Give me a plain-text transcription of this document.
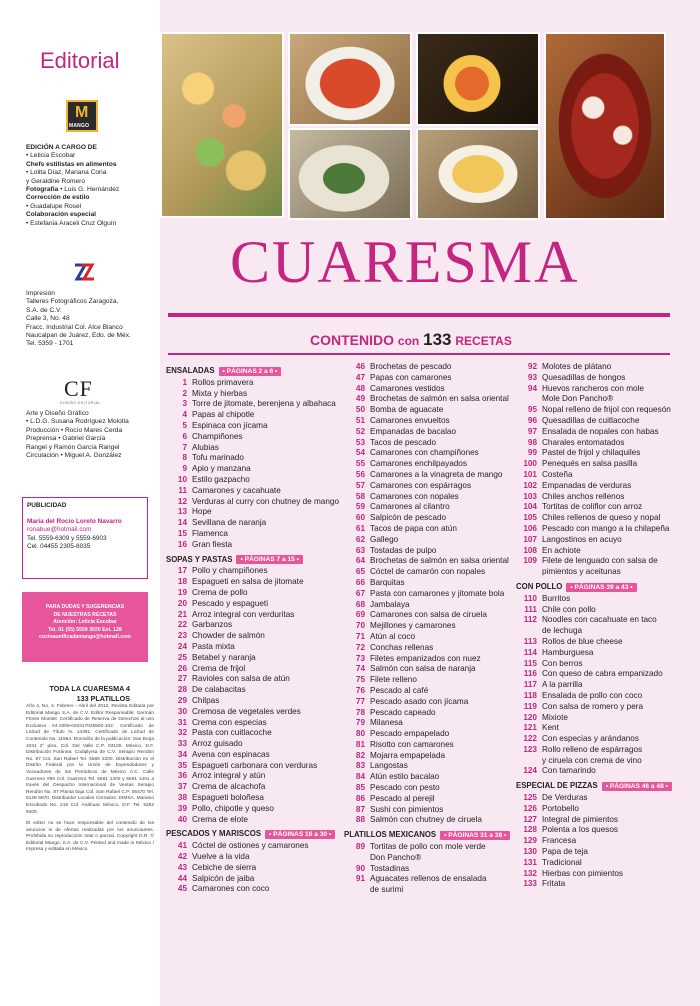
Editorial
M
MANGO
EDICIÓN A CARGO DE
• Leticia Escobar
Chefs estilistas en alimentos
• Lolita Díaz, Mariana Coria
y Geraldine Romero
Fotografía • Luis G. Hernández
Corrección de estilo
• Guadalupe Rosel
Colaboración especial
• Estefania Araceli Cruz Olguín
Impresión
Talleres Fotográficos Zaragoza,
S.A. de C.V.
Calle 3, No. 48
Fracc. Industrial Col. Alce Blanco
Naucalpan de Juárez, Edo. de Méx.
Tel. 5359 - 1701
CF
DISEÑO EDITORIAL
Arte y Diseño Gráfico
• L.D.G. Susana Rodríguez Molotla
Producción • Rocío Mares Cerda
Preprensa • Gabriel García
Rangel y Ramón García Rangel
Circulación • Miguel A. González
PUBLICIDAD
María del Rocío Loreto Navarro
ronabue@hotmail.com
Tel. 5559-6309 y 5559-6903
Cel. 04455 2305-8035
PARA DUDAS Y SUGERENCIAS
DE NUESTRAS RECETAS
Atención: Leticia Escobar
Tel. 01 (55) 5559 3020 Ext. 128
cocinaunificadamango@hotmail.com
TODA LA CUARESMA 4
133 PLATILLOS

Año 4, No. 4. Febrero - Abril del 2012. Revista Editada por Editorial Mango S.A. de C.V. Editor Responsable: Germán Flores Montiel. Certificado de Reserva de Derechos al uso Exclusivo 04-2009-020317025500-102. Certificado de Licitud de Título N. 14391. Certificado de Licitud de Contenido No. 11964. Domicilio de la publicación: San Borja 1031 2° piso, Col. Del Valle C.P. 03100. México, D.F. Distribución Foránea: Codiplyrsa de C.V. Serapio Rendón No. 87 Col. San Rafael Tel. 5566 2200. Distribución en el Distrito Federal por la Unión de Expendedores y Voceadores de los Periódicos de México A.C. Calle Guerrero #50 Col. Guerrero Tel. 5591 1400 y 5591 1401 a través del Despacho Internacional de Ventas Serapio Rendón No. 87 Planta baja Col. San Rafael C.P. 06470 Tel. 5128 6870. Distribuidor Locales Cerrados: DIMSA. Mariano Escobedo No. 218 Col. Anáhuac México, D.F. Tel. 5262 9400.

El editor no se hace responsable del contenido de los anuncios ni de ofertas realizadas por los anunciantes. Prohibida su reproducción total o parcial. Copyright D.R. © Editorial Mango, S.A. de C.V. Printed and made in México / Impresa y editada en México.

CUARESMA
CONTENIDO con 133 RECETAS
ENSALADAS	• PÁGINAS 2 a 6 •
1 Rollos primavera
2 Mixta y hierbas
3 Torre de jitomate, berenjena y albahaca
4 Papas al chipotle
5 Espinaca con jícama
6 Champiñones
7 Alubias
8 Tofu marinado
9 Apio y manzana
10 Estilo gazpacho
11 Camarones y cacahuate
12 Verduras al curry con chutney de mango
13 Hope
14 Sevillana de naranja
15 Flamenca
16 Gran fiesta
SOPAS Y PASTAS	• PÁGINAS 7 a 15 •
17 Pollo y champiñones
18 Espagueti en salsa de jitomate
19 Crema de pollo
20 Pescado y espagueti
21 Arroz integral con verduritas
22 Garbanzos
23 Chowder de salmón
24 Pasta mixta
25 Betabel y naranja
26 Crema de frijol
27 Ravioles con salsa de atún
28 De calabacitas
29 Chilpas
30 Cremosa de vegetales verdes
31 Crema con especias
32 Pasta con cuitlacoche
33 Arroz guisado
34 Avena con espinacas
35 Espagueti carbonara con verduras
36 Arroz integral y atún
37 Crema de alcachofa
38 Espagueti boloñesa
39 Pollo, chipotle y queso
40 Crema de elote
PESCADOS Y MARISCOS	• PÁGINAS 16 a 30 •
41 Cóctel de ostiones y camarones
42 Vuelve a la vida
43 Cebiche de sierra
44 Salpicón de jaiba
45 Camarones con coco
46 Brochetas de pescado
47 Papas con camarones
48 Camarones vestidos
49 Brochetas de salmón en salsa oriental
50 Bomba de aguacate
51 Camarones envueltos
52 Empanadas de bacalao
53 Tacos de pescado
54 Camarones con champiñones
55 Camarones enchilpayados
56 Camarones a la vinagreta de mango
57 Camarones con espárragos
58 Camarones con nopales
59 Camarones al cilantro
60 Salpicón de pescado
61 Tacos de papa con atún
62 Gallego
63 Tostadas de pulpo
64 Brochetas de salmón en salsa oriental
65 Cóctel de camarón con nopales
66 Barquitas
67 Pasta con camarones y jitomate bola
68 Jambalaya
69 Camarones con salsa de ciruela
70 Mejillones y camarones
71 Atún al coco
72 Conchas rellenas
73 Filetes empanizados con nuez
74 Salmón con salsa de naranja
75 Filete relleno
76 Pescado al café
77 Pescado asado con jícama
78 Pescado capeado
79 Milanesa
80 Pescado empapelado
81 Risotto con camarones
82 Mojarra empapelada
83 Langostas
84 Atún estilo bacalao
85 Pescado con pesto
86 Pescado al perejil
87 Sushi con pimientos
88 Salmón con chutney de ciruela
PLATILLOS MEXICANOS	• PÁGINAS 31 a 38 •
89 Tortitas de pollo con mole verde
Don Pancho®
90 Tostadinas
91 Aguacates rellenos de ensalada
de surimi
92 Molotes de plátano
93 Quesadillas de hongos
94 Huevos rancheros con mole
Mole Don Pancho®
95 Nopal relleno de frijol con requesón
96 Quesadillas de cuitlacoche
97 Ensalada de nopales con habas
98 Charales entomatados
99 Pastel de frijol y chilaquiles
100 Penequés en salsa pasilla
101 Costeña
102 Empanadas de verduras
103 Chiles anchos rellenos
104 Tortitas de coliflor con arroz
105 Chiles rellenos de queso y nopal
106 Pescado con mango a la chilapeña
107 Langostinos en acuyo
108 En achiote
109 Filete de lenguado con salsa de
pimientos y aceitunas
CON POLLO	• PÁGINAS 39 a 43 •
110 Burritos
111 Chile con pollo
112 Noodles con cacahuate en taco
de lechuga
113 Rollos de blue cheese
114 Hamburguesa
115 Con berros
116 Con queso de cabra empanizado
117 A la parrilla
118 Ensalada de pollo con coco
119 Con salsa de romero y pera
120 Mixiote
121 Kent
122 Con especias y arándanos
123 Rollo relleno de espárragos
y ciruela con crema de vino
124 Con tamarindo
ESPECIAL DE PIZZAS	• PÁGINAS 46 a 48 •
125 De Verduras
126 Portobello
127 Integral de pimientos
128 Polenta a los quesos
129 Francesa
130 Papa de teja
131 Tradicional
132 Hierbas con pimientos
133 Fritata
